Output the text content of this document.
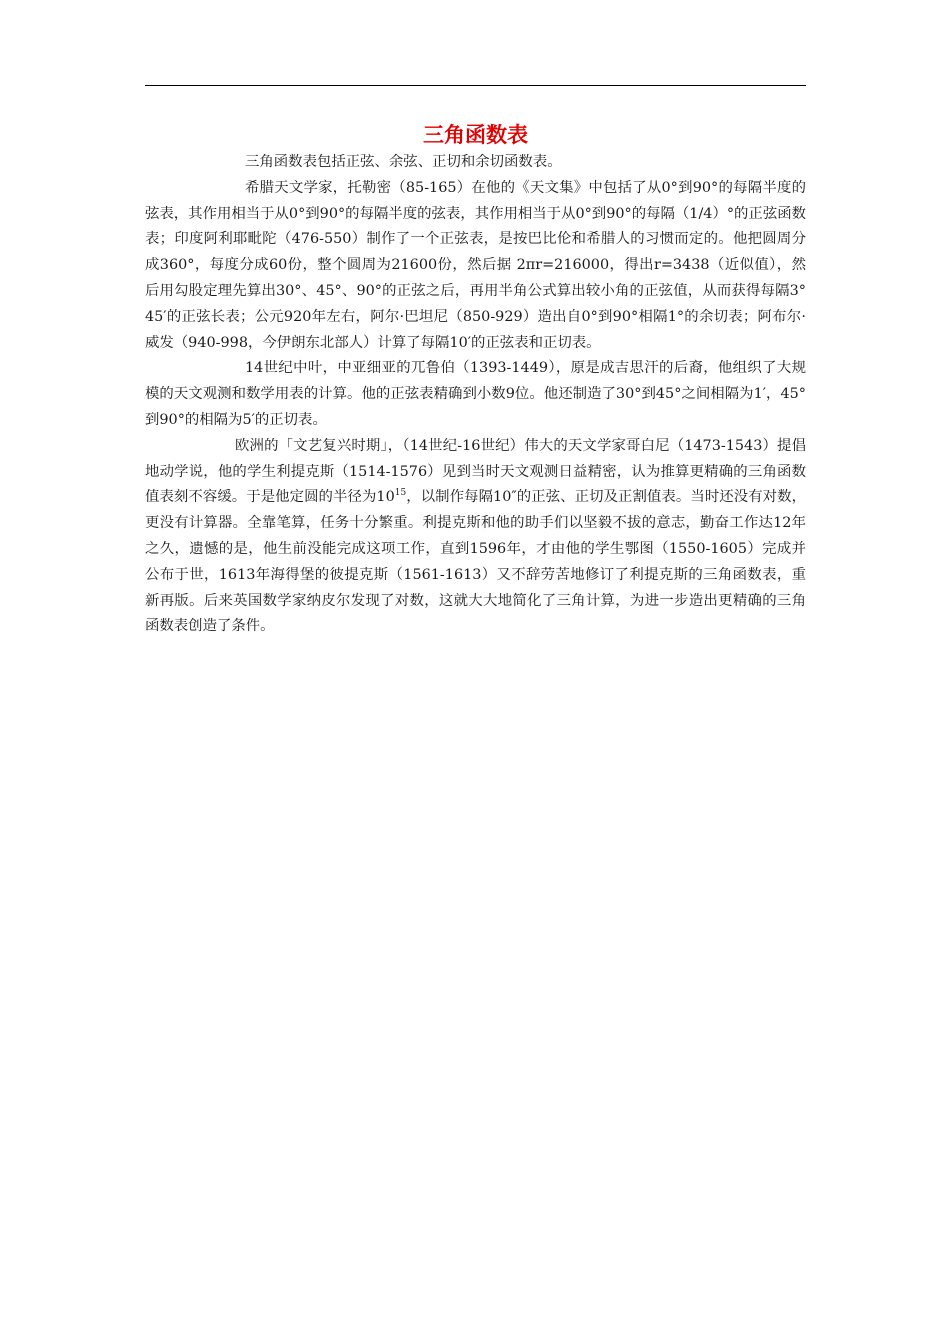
三角函数表

三角函数表包括正弦、余弦、正切和余切函数表。

希腊天文学家，托勒密（85-165）在他的《天文集》中包括了从0°到90°的每隔半度的弦表，其作用相当于从0°到90°的每隔半度的弦表，其作用相当于从0°到90°的每隔（1/4）°的正弦函数表；印度阿利耶毗陀（476-550）制作了一个正弦表，是按巴比伦和希腊人的习惯而定的。他把圆周分成360°，每度分成60份，整个圆周为21600份，然后据 2πr=216000，得出r=3438（近似值），然后用勾股定理先算出30°、45°、90°的正弦之后，再用半角公式算出较小角的正弦值，从而获得每隔3°45′的正弦长表；公元920年左右，阿尔·巴坦尼（850-929）造出自0°到90°相隔1°的余切表；阿布尔·威发（940-998，今伊朗东北部人）计算了每隔10′的正弦表和正切表。

14世纪中叶，中亚细亚的兀鲁伯（1393-1449），原是成吉思汗的后裔，他组织了大规模的天文观测和数学用表的计算。他的正弦表精确到小数9位。他还制造了30°到45°之间相隔为1′，45°到90°的相隔为5′的正切表。

欧洲的「文艺复兴时期」，（14世纪-16世纪）伟大的天文学家哥白尼（1473-1543）提倡地动学说，他的学生利提克斯（1514-1576）见到当时天文观测日益精密，认为推算更精确的三角函数值表刻不容缓。于是他定圆的半径为$10^{15}$，以制作每隔10″的正弦、正切及正割值表。当时还没有对数，更没有计算器。全靠笔算，任务十分繁重。利提克斯和他的助手们以坚毅不拔的意志，勤奋工作达12年之久，遗憾的是，他生前没能完成这项工作，直到1596年，才由他的学生鄂图（1550-1605）完成并公布于世，1613年海得堡的彼提克斯（1561-1613）又不辞劳苦地修订了利提克斯的三角函数表，重新再版。后来英国数学家纳皮尔发现了对数，这就大大地简化了三角计算，为进一步造出更精确的三角函数表创造了条件。
